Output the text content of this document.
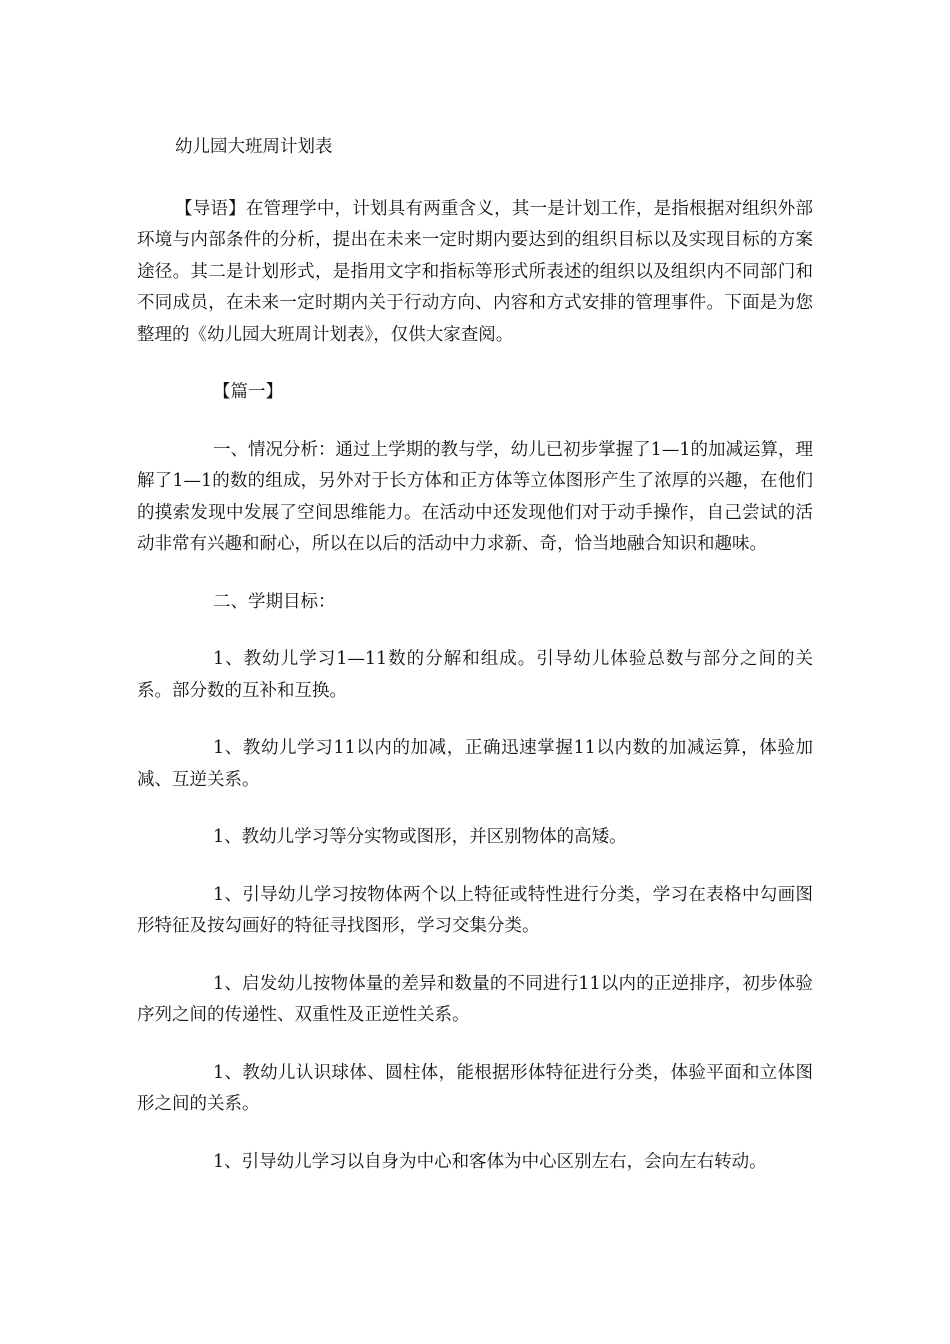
幼儿园大班周计划表

【导语】在管理学中，计划具有两重含义，其一是计划工作，是指根据对组织外部环境与内部条件的分析，提出在未来一定时期内要达到的组织目标以及实现目标的方案途径。其二是计划形式，是指用文字和指标等形式所表述的组织以及组织内不同部门和不同成员，在未来一定时期内关于行动方向、内容和方式安排的管理事件。下面是为您整理的《幼儿园大班周计划表》，仅供大家查阅。

【篇一】

一、情况分析：通过上学期的教与学，幼儿已初步掌握了1—1的加减运算，理解了1—1的数的组成，另外对于长方体和正方体等立体图形产生了浓厚的兴趣，在他们的摸索发现中发展了空间思维能力。在活动中还发现他们对于动手操作，自己尝试的活动非常有兴趣和耐心，所以在以后的活动中力求新、奇，恰当地融合知识和趣味。

二、学期目标：

1、教幼儿学习1—11数的分解和组成。引导幼儿体验总数与部分之间的关系。部分数的互补和互换。

1、教幼儿学习11以内的加减，正确迅速掌握11以内数的加减运算，体验加减、互逆关系。

1、教幼儿学习等分实物或图形，并区别物体的高矮。

1、引导幼儿学习按物体两个以上特征或特性进行分类，学习在表格中勾画图形特征及按勾画好的特征寻找图形，学习交集分类。

1、启发幼儿按物体量的差异和数量的不同进行11以内的正逆排序，初步体验序列之间的传递性、双重性及正逆性关系。

1、教幼儿认识球体、圆柱体，能根据形体特征进行分类，体验平面和立体图形之间的关系。

1、引导幼儿学习以自身为中心和客体为中心区别左右，会向左右转动。
